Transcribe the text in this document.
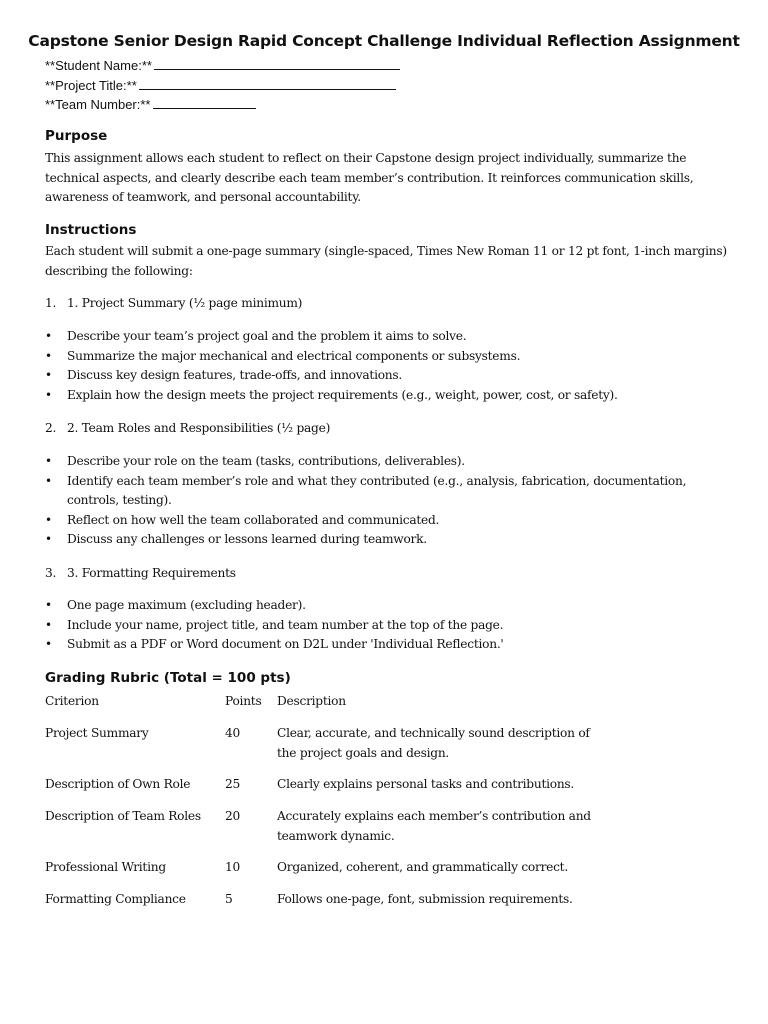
Capstone Senior Design Rapid Concept Challenge Individual Reflection Assignment
**Student Name:**
**Project Title:**
**Team Number:**
Purpose
This assignment allows each student to reflect on their Capstone design project individually, summarize the technical aspects, and clearly describe each team member’s contribution. It reinforces communication skills, awareness of teamwork, and personal accountability.
Instructions
Each student will submit a one-page summary (single-spaced, Times New Roman 11 or 12 pt font, 1-inch margins) describing the following:
1. 1. Project Summary (½ page minimum)
• Describe your team’s project goal and the problem it aims to solve.
• Summarize the major mechanical and electrical components or subsystems.
• Discuss key design features, trade-offs, and innovations.
• Explain how the design meets the project requirements (e.g., weight, power, cost, or safety).
2. 2. Team Roles and Responsibilities (½ page)
• Describe your role on the team (tasks, contributions, deliverables).
• Identify each team member’s role and what they contributed (e.g., analysis, fabrication, documentation, controls, testing).
• Reflect on how well the team collaborated and communicated.
• Discuss any challenges or lessons learned during teamwork.
3. 3. Formatting Requirements
• One page maximum (excluding header).
• Include your name, project title, and team number at the top of the page.
• Submit as a PDF or Word document on D2L under 'Individual Reflection.'
Grading Rubric (Total = 100 pts)
Criterion	Points	Description
Project Summary	40	Clear, accurate, and technically sound description of the project goals and design.
Description of Own Role	25	Clearly explains personal tasks and contributions.
Description of Team Roles	20	Accurately explains each member’s contribution and teamwork dynamic.
Professional Writing	10	Organized, coherent, and grammatically correct.
Formatting Compliance	5	Follows one-page, font, submission requirements.
